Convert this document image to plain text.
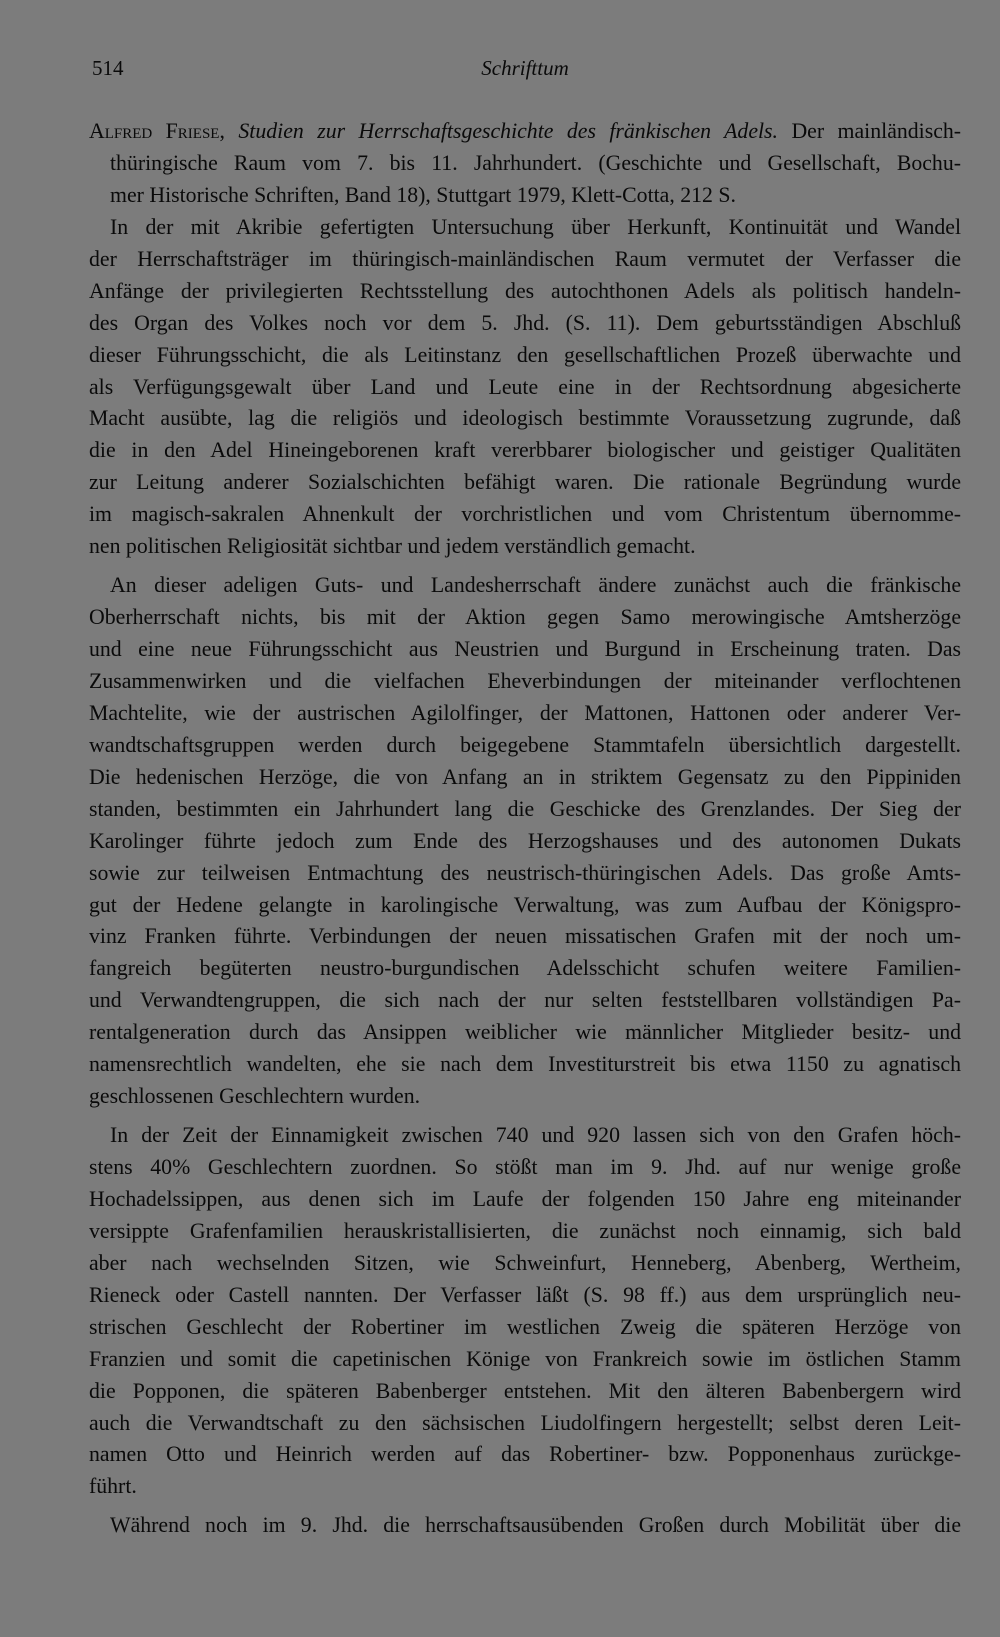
514	Schrifttum
Alfred Friese, Studien zur Herrschaftsgeschichte des fränkischen Adels. Der mainländisch-
thüringische Raum vom 7. bis 11. Jahrhundert. (Geschichte und Gesellschaft, Bochu-
mer Historische Schriften, Band 18), Stuttgart 1979, Klett-Cotta, 212 S.
In der mit Akribie gefertigten Untersuchung über Herkunft, Kontinuität und Wandel
der Herrschaftsträger im thüringisch-mainländischen Raum vermutet der Verfasser die
Anfänge der privilegierten Rechtsstellung des autochthonen Adels als politisch handeln-
des Organ des Volkes noch vor dem 5. Jhd. (S. 11). Dem geburtsständigen Abschluß
dieser Führungsschicht, die als Leitinstanz den gesellschaftlichen Prozeß überwachte und
als Verfügungsgewalt über Land und Leute eine in der Rechtsordnung abgesicherte
Macht ausübte, lag die religiös und ideologisch bestimmte Voraussetzung zugrunde, daß
die in den Adel Hineingeborenen kraft vererbbarer biologischer und geistiger Qualitäten
zur Leitung anderer Sozialschichten befähigt waren. Die rationale Begründung wurde
im magisch-sakralen Ahnenkult der vorchristlichen und vom Christentum übernomme-
nen politischen Religiosität sichtbar und jedem verständlich gemacht.
An dieser adeligen Guts- und Landesherrschaft ändere zunächst auch die fränkische
Oberherrschaft nichts, bis mit der Aktion gegen Samo merowingische Amtsherzöge
und eine neue Führungsschicht aus Neustrien und Burgund in Erscheinung traten. Das
Zusammenwirken und die vielfachen Eheverbindungen der miteinander verflochtenen
Machtelite, wie der austrischen Agilolfinger, der Mattonen, Hattonen oder anderer Ver-
wandtschaftsgruppen werden durch beigegebene Stammtafeln übersichtlich dargestellt.
Die hedenischen Herzöge, die von Anfang an in striktem Gegensatz zu den Pippiniden
standen, bestimmten ein Jahrhundert lang die Geschicke des Grenzlandes. Der Sieg der
Karolinger führte jedoch zum Ende des Herzogshauses und des autonomen Dukats
sowie zur teilweisen Entmachtung des neustrisch-thüringischen Adels. Das große Amts-
gut der Hedene gelangte in karolingische Verwaltung, was zum Aufbau der Königspro-
vinz Franken führte. Verbindungen der neuen missatischen Grafen mit der noch um-
fangreich begüterten neustro-burgundischen Adelsschicht schufen weitere Familien-
und Verwandtengruppen, die sich nach der nur selten feststellbaren vollständigen Pa-
rentalgeneration durch das Ansippen weiblicher wie männlicher Mitglieder besitz- und
namensrechtlich wandelten, ehe sie nach dem Investiturstreit bis etwa 1150 zu agnatisch
geschlossenen Geschlechtern wurden.
In der Zeit der Einnamigkeit zwischen 740 und 920 lassen sich von den Grafen höch-
stens 40% Geschlechtern zuordnen. So stößt man im 9. Jhd. auf nur wenige große
Hochadelssippen, aus denen sich im Laufe der folgenden 150 Jahre eng miteinander
versippte Grafenfamilien herauskristallisierten, die zunächst noch einnamig, sich bald
aber nach wechselnden Sitzen, wie Schweinfurt, Henneberg, Abenberg, Wertheim,
Rieneck oder Castell nannten. Der Verfasser läßt (S. 98 ff.) aus dem ursprünglich neu-
strischen Geschlecht der Robertiner im westlichen Zweig die späteren Herzöge von
Franzien und somit die capetinischen Könige von Frankreich sowie im östlichen Stamm
die Popponen, die späteren Babenberger entstehen. Mit den älteren Babenbergern wird
auch die Verwandtschaft zu den sächsischen Liudolfingern hergestellt; selbst deren Leit-
namen Otto und Heinrich werden auf das Robertiner- bzw. Popponenhaus zurückge-
führt.
Während noch im 9. Jhd. die herrschaftsausübenden Großen durch Mobilität über die
